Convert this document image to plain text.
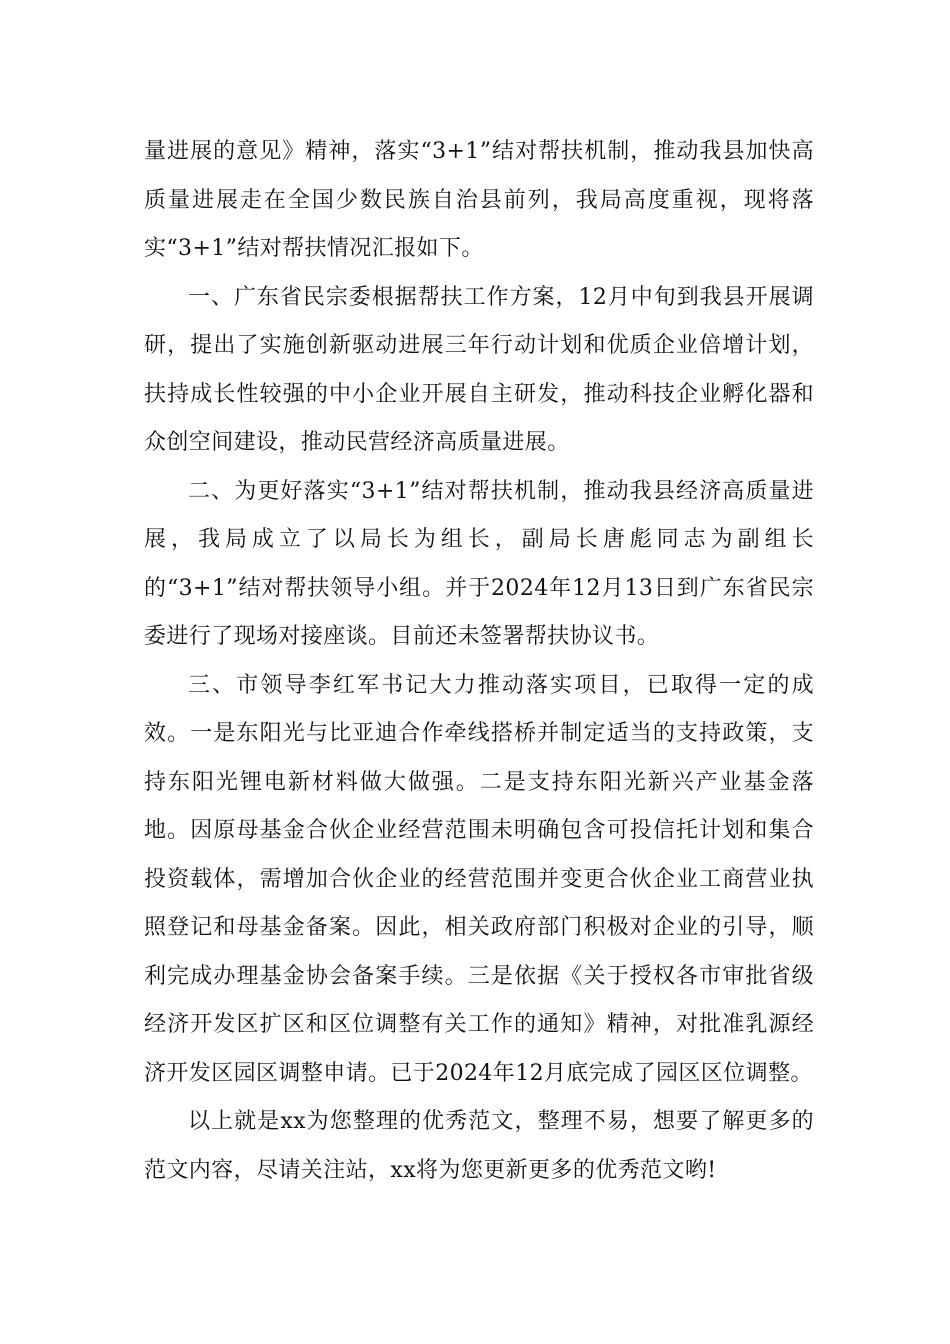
量进展的意见》精神，落实“3+1”结对帮扶机制，推动我县加快高质量进展走在全国少数民族自治县前列，我局高度重视，现将落实“3+1”结对帮扶情况汇报如下。

一、广东省民宗委根据帮扶工作方案，12月中旬到我县开展调研，提出了实施创新驱动进展三年行动计划和优质企业倍增计划，扶持成长性较强的中小企业开展自主研发，推动科技企业孵化器和众创空间建设，推动民营经济高质量进展。

二、为更好落实“3+1”结对帮扶机制，推动我县经济高质量进展，我局成立了以局长为组长，副局长唐彪同志为副组长的“3+1”结对帮扶领导小组。并于2024年12月13日到广东省民宗委进行了现场对接座谈。目前还未签署帮扶协议书。

三、市领导李红军书记大力推动落实项目，已取得一定的成效。一是东阳光与比亚迪合作牵线搭桥并制定适当的支持政策，支持东阳光锂电新材料做大做强。二是支持东阳光新兴产业基金落地。因原母基金合伙企业经营范围未明确包含可投信托计划和集合投资载体，需增加合伙企业的经营范围并变更合伙企业工商营业执照登记和母基金备案。因此，相关政府部门积极对企业的引导，顺利完成办理基金协会备案手续。三是依据《关于授权各市审批省级经济开发区扩区和区位调整有关工作的通知》精神，对批准乳源经济开发区园区调整申请。已于2024年12月底完成了园区区位调整。

以上就是xx为您整理的优秀范文，整理不易，想要了解更多的范文内容，尽请关注站，xx将为您更新更多的优秀范文哟!
